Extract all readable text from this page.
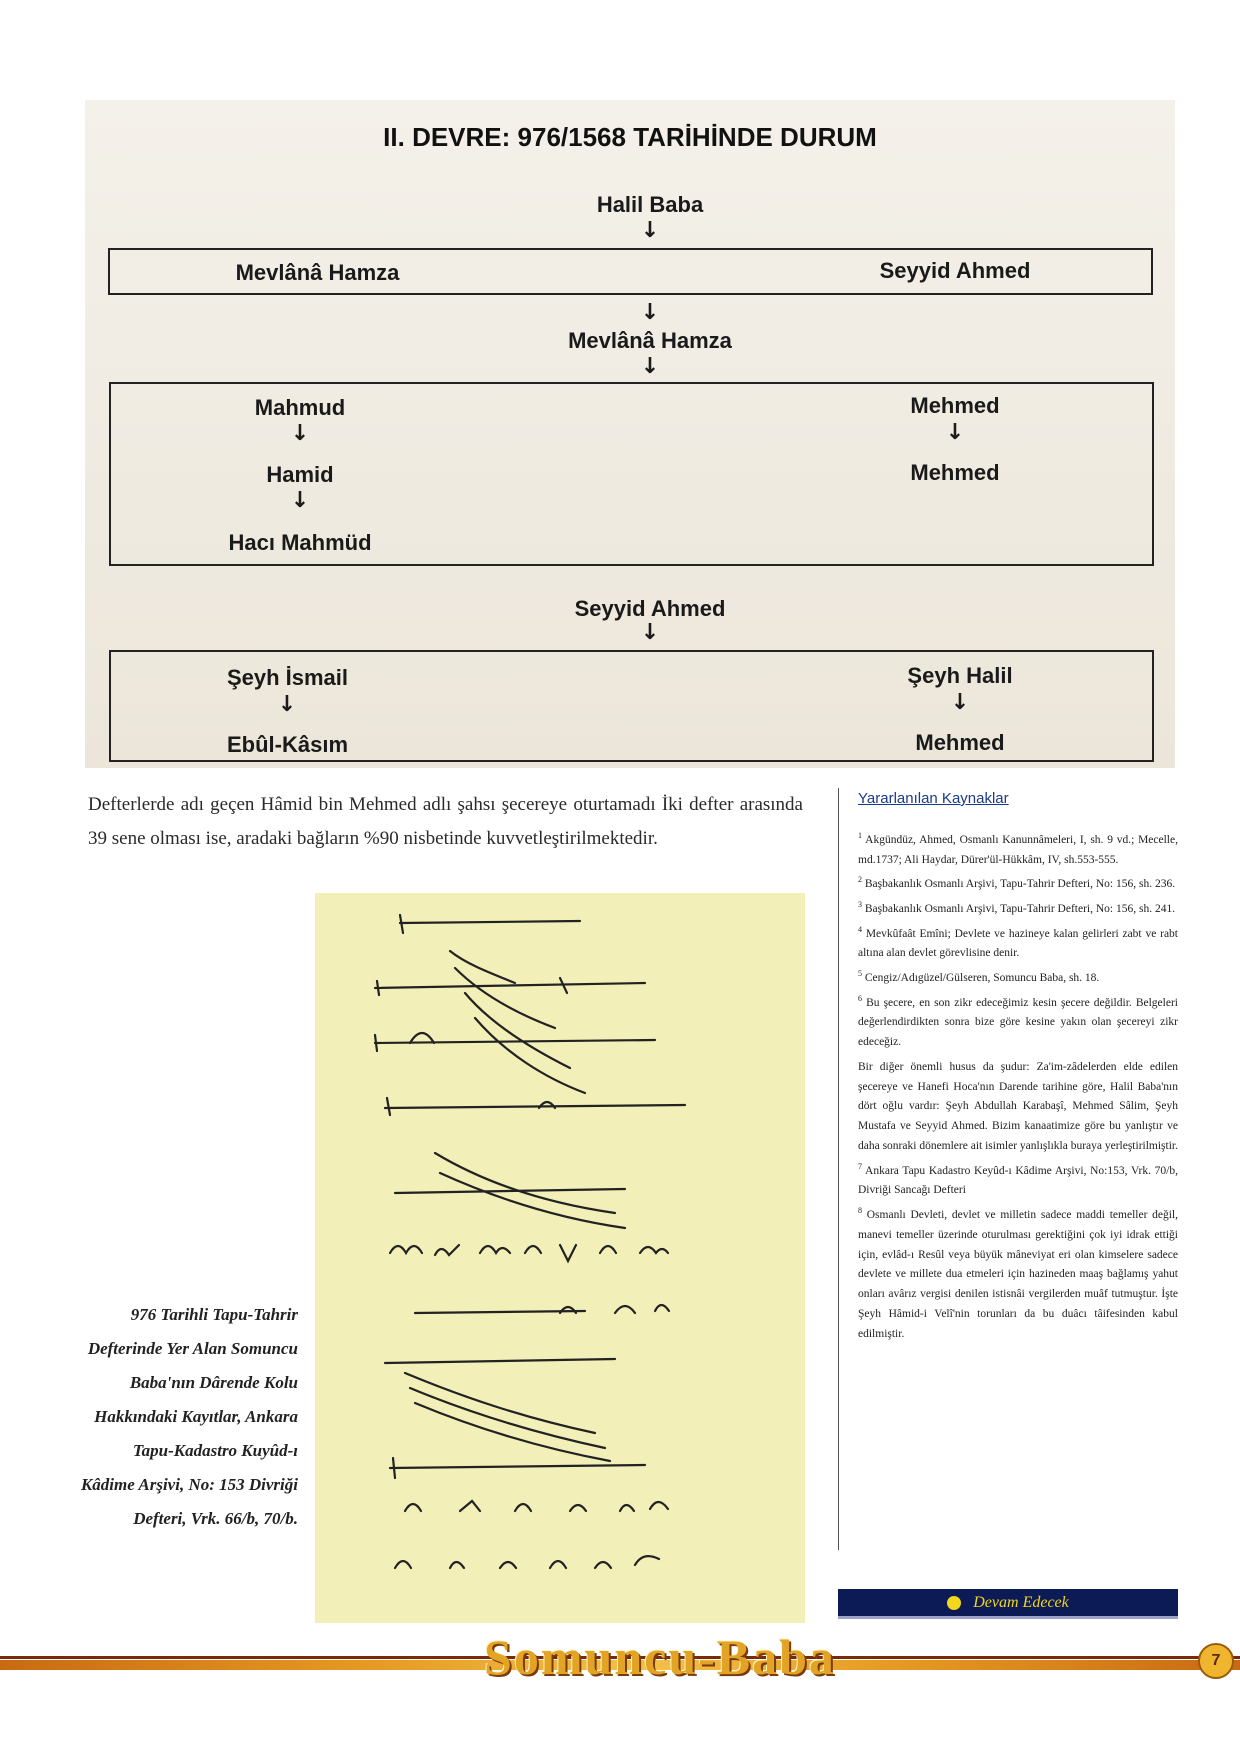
II. DEVRE: 976/1568 TARİHİNDE DURUM
Halil Baba
↓
Mevlânâ Hamza	Seyyid Ahmed
↓
Mevlânâ Hamza
↓
Mahmud
↓
Hamid
↓
Hacı Mahmüd
Mehmed
↓
Mehmed
Seyyid Ahmed
↓
Şeyh İsmail
↓
Ebûl-Kâsım
Şeyh Halil
↓
Mehmed
Defterlerde adı geçen Hâmid bin Mehmed adlı şahsı şecereye oturtamadı İki defter arasında 39 sene olması ise, aradaki bağların %90 nisbetinde kuvvetleştirilmektedir.
976 Tarihli Tapu-Tahrir Defterinde Yer Alan Somuncu Baba'nın Dârende Kolu Hakkındaki Kayıtlar, Ankara Tapu-Kadastro Kuyûd-ı Kâdime Arşivi, No: 153 Divriği Defteri, Vrk. 66/b, 70/b.
Yararlanılan Kaynaklar

$^1$ Akgündüz, Ahmed, Osmanlı Kanunnâmeleri, I, sh. 9 vd.; Mecelle, md.1737; Ali Haydar, Dürer'ül-Hükkâm, IV, sh.553-555.

$^2$ Başbakanlık Osmanlı Arşivi, Tapu-Tahrir Defteri, No: 156, sh. 236.

$^3$ Başbakanlık Osmanlı Arşivi, Tapu-Tahrir Defteri, No: 156, sh. 241.

$^4$ Mevkûfaât Emîni; Devlete ve hazineye kalan gelirleri zabt ve rabt altına alan devlet görevlisine denir.

$^5$ Cengiz/Adıgüzel/Gülseren, Somuncu Baba, sh. 18.

$^6$ Bu şecere, en son zikr edeceğimiz kesin şecere değildir. Belgeleri değerlendirdikten sonra bize göre kesine yakın olan şecereyi zikr edeceğiz.

Bir diğer önemli husus da şudur: Za'im-zâdelerden elde edilen şecereye ve Hanefi Hoca'nın Darende tarihine göre, Halil Baba'nın dört oğlu vardır: Şeyh Abdullah Karabaşî, Mehmed Sâlim, Şeyh Mustafa ve Seyyid Ahmed. Bizim kanaatimize göre bu yanlıştır ve daha sonraki dönemlere ait isimler yanlışlıkla buraya yerleştirilmiştir.

$^7$ Ankara Tapu Kadastro Keyûd-ı Kâdime Arşivi, No:153, Vrk. 70/b, Divriği Sancağı Defteri

$^8$ Osmanlı Devleti, devlet ve milletin sadece maddi temeller değil, manevi temeller üzerinde oturulması gerektiğini çok iyi idrak ettiği için, evlâd-ı Resûl veya büyük mâneviyat eri olan kimselere sadece devlete ve millete dua etmeleri için hazineden maaş bağlamış yahut onları avârız vergisi denilen istisnâi vergilerden muâf tutmuştur. İşte Şeyh Hâmid-i Velî'nin torunları da bu duâcı tâifesinden kabul edilmiştir.

Devam Edecek
Somuncu-Baba	7
